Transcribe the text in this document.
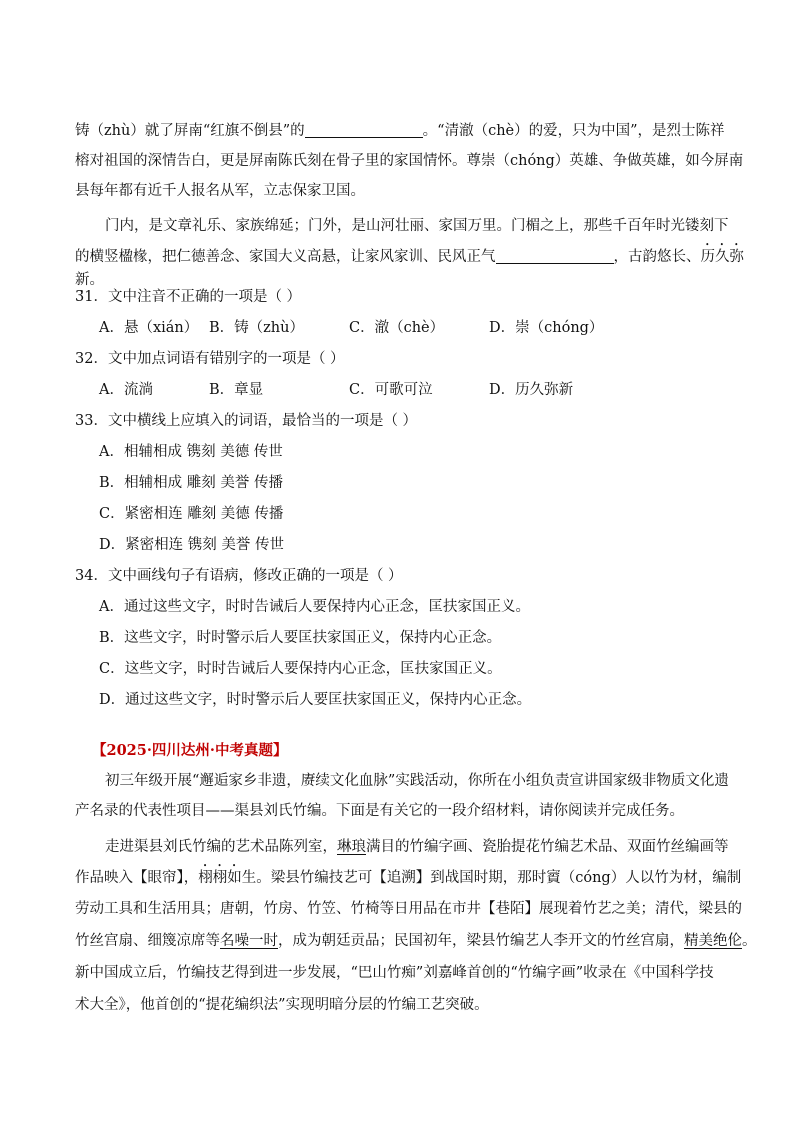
铸（zhù）就了屏南“红旗不倒县”的	。“清澈（chè）的爱，只为中国”，是烈士陈祥

榕对祖国的深情告白，更是屏南陈氏刻在骨子里的家国情怀。尊崇（chóng）英雄、争做英雄，如今屏南

县每年都有近千人报名从军，立志保家卫国。

门内，是文章礼乐、家族绵延；门外，是山河壮丽、家国万里。门楣之上，那些千百年时光镂刻下

的横竖楹椽，把仁德善念、家国大义高悬，让家风家训、民风正气	，古韵悠长、历久弥

新。

31．文中注音不正确的一项是（ ）

A．悬（xián） B．铸（zhù）	C．澈（chè）	D．崇（chóng）

32．文中加点词语有错别字的一项是（ ）

A．流淌	B．章显	C．可歌可泣	D．历久弥新

33．文中横线上应填入的词语，最恰当的一项是（ ）

A．相辅相成 镌刻 美德 传世
B．相辅相成 雕刻 美誉 传播
C．紧密相连 雕刻 美德 传播
D．紧密相连 镌刻 美誉 传世

34．文中画线句子有语病，修改正确的一项是（ ）

A．通过这些文字，时时告诫后人要保持内心正念，匡扶家国正义。
B．这些文字，时时警示后人要匡扶家国正义，保持内心正念。
C．这些文字，时时告诫后人要保持内心正念，匡扶家国正义。
D．通过这些文字，时时警示后人要匡扶家国正义，保持内心正念。
【2025·四川达州·中考真题】

初三年级开展“邂逅家乡非遗，赓续文化血脉”实践活动，你所在小组负责宣讲国家级非物质文化遗

产名录的代表性项目——渠县刘氏竹编。下面是有关它的一段介绍材料，请你阅读并完成任务。

走进渠县刘氏竹编的艺术品陈列室，琳琅满目的竹编字画、瓷胎提花竹编艺术品、双面竹丝编画等

作品映入【眼帘】，栩栩如生。梁县竹编技艺可【追溯】到战国时期，那时賨（cóng）人以竹为材，编制

劳动工具和生活用具；唐朝，竹房、竹笠、竹椅等日用品在市井【巷陌】展现着竹艺之美；清代，梁县的

竹丝宫扇、细篾凉席等名噪一时，成为朝廷贡品；民国初年，梁县竹编艺人李开文的竹丝宫扇，精美绝伦。

新中国成立后，竹编技艺得到进一步发展，“巴山竹痴”刘嘉峰首创的“竹编字画”收录在《中国科学技

术大全》，他首创的“提花编织法”实现明暗分层的竹编工艺突破。
